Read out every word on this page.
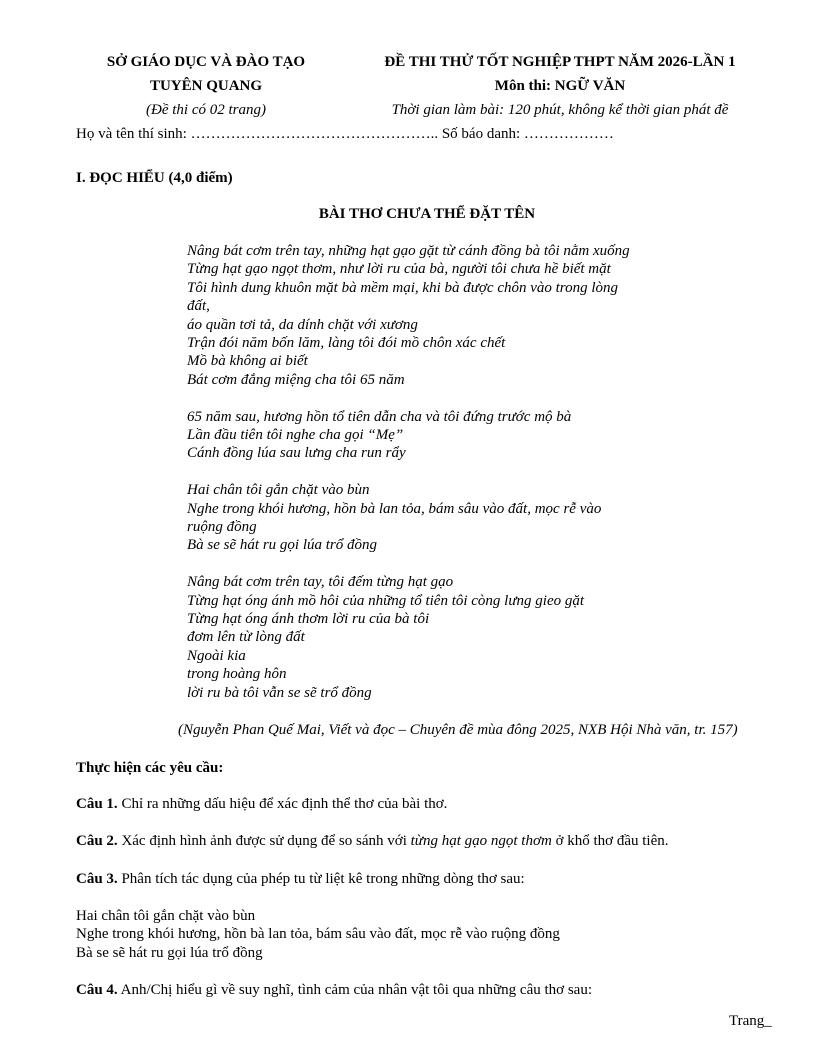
SỞ GIÁO DỤC VÀ ĐÀO TẠO
TUYÊN QUANG
(Đề thi có 02 trang)
ĐỀ THI THỬ TỐT NGHIỆP THPT NĂM 2026-LẦN 1
Môn thi: NGỮ VĂN
Thời gian làm bài: 120 phút, không kể thời gian phát đề
Họ và tên thí sinh: ………………………………………….. Số báo danh: ………………
I. ĐỌC HIỂU (4,0 điểm)
BÀI THƠ CHƯA THỂ ĐẶT TÊN
Nâng bát cơm trên tay, những hạt gạo gặt từ cánh đồng bà tôi nằm xuống
Từng hạt gạo ngọt thơm, như lời ru của bà, người tôi chưa hề biết mặt
Tôi hình dung khuôn mặt bà mềm mại, khi bà được chôn vào trong lòng
đất,
áo quần tơi tả, da dính chặt với xương
Trận đói năm bốn lăm, làng tôi đói mồ chôn xác chết
Mồ bà không ai biết
Bát cơm đắng miệng cha tôi 65 năm
65 năm sau, hương hồn tổ tiên dẫn cha và tôi đứng trước mộ bà
Lần đầu tiên tôi nghe cha gọi “Mẹ”
Cánh đồng lúa sau lưng cha run rẩy
Hai chân tôi gắn chặt vào bùn
Nghe trong khói hương, hồn bà lan tỏa, bám sâu vào đất, mọc rễ vào
ruộng đồng
Bà se sẽ hát ru gọi lúa trổ đồng
Nâng bát cơm trên tay, tôi đếm từng hạt gạo
Từng hạt óng ánh mồ hôi của những tổ tiên tôi còng lưng gieo gặt
Từng hạt óng ánh thơm lời ru của bà tôi
đơm lên từ lòng đất
Ngoài kia
trong hoàng hôn
lời ru bà tôi vẫn se sẽ trổ đồng
(Nguyễn Phan Quế Mai, Viết và đọc – Chuyên đề mùa đông 2025, NXB Hội Nhà văn, tr. 157)
Thực hiện các yêu cầu:
Câu 1. Chỉ ra những dấu hiệu để xác định thể thơ của bài thơ.
Câu 2. Xác định hình ảnh được sử dụng để so sánh với từng hạt gạo ngọt thơm ở khổ thơ đầu tiên.
Câu 3. Phân tích tác dụng của phép tu từ liệt kê trong những dòng thơ sau:
Hai chân tôi gắn chặt vào bùn
Nghe trong khói hương, hồn bà lan tỏa, bám sâu vào đất, mọc rễ vào ruộng đồng
Bà se sẽ hát ru gọi lúa trổ đồng
Câu 4. Anh/Chị hiểu gì về suy nghĩ, tình cảm của nhân vật tôi qua những câu thơ sau:
Trang_
